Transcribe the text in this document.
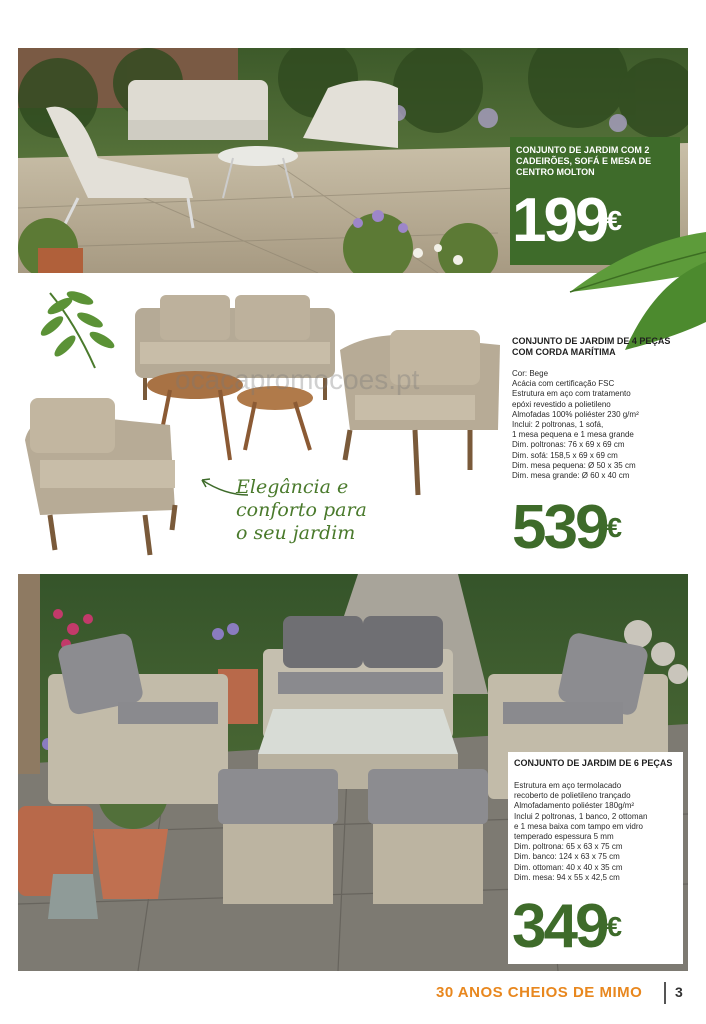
CONJUNTO DE JARDIM COM 2 CADEIRÕES, SOFÁ E MESA DE CENTRO MOLTON
199€
ocacapromocoes.pt
Elegância e
conforto para
o seu jardim
CONJUNTO DE JARDIM DE 4 PEÇAS COM CORDA MARÍTIMA
Cor: Bege
Acácia com certificação FSC
Estrutura em aço com tratamento
epóxi revestido a polietileno
Almofadas 100% poliéster 230 g/m²
Inclui: 2 poltronas, 1 sofá,
1 mesa pequena e 1 mesa grande
Dim. poltronas: 76 x 69 x 69 cm
Dim. sofá: 158,5 x 69 x 69 cm
Dim. mesa pequena: Ø 50 x 35 cm
Dim. mesa grande: Ø 60 x 40 cm
539€
CONJUNTO DE JARDIM DE 6 PEÇAS
Estrutura em aço termolacado
recoberto de polietileno trançado
Almofadamento poliéster 180g/m²
Inclui 2 poltronas, 1 banco, 2 ottoman
e 1 mesa baixa com tampo em vidro
temperado espessura 5 mm
Dim. poltrona: 65 x 63 x 75 cm
Dim. banco: 124 x 63 x 75 cm
Dim. ottoman: 40 x 40 x 35 cm
Dim. mesa: 94 x 55 x 42,5 cm
349€
30 ANOS CHEIOS DE MIMO 3
